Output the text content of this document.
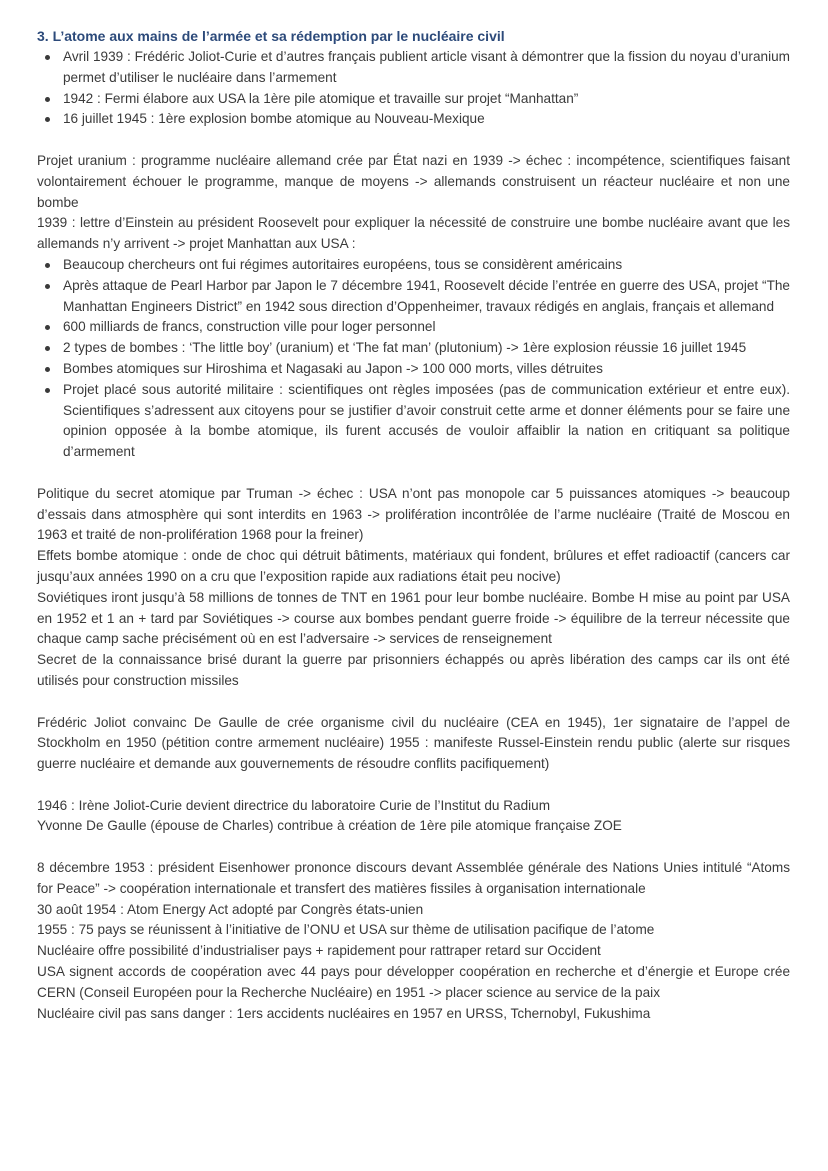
3. L’atome aux mains de l’armée et sa rédemption par le nucléaire civil
Avril 1939 : Frédéric Joliot-Curie et d’autres français publient article visant à démontrer que la fission du noyau d’uranium permet d’utiliser le nucléaire dans l’armement
1942 : Fermi élabore aux USA la 1ère pile atomique et travaille sur projet “Manhattan”
16 juillet 1945 : 1ère explosion bombe atomique au Nouveau-Mexique

Projet uranium : programme nucléaire allemand crée par État nazi en 1939 -> échec : incompétence, scientifiques faisant volontairement échouer le programme, manque de moyens -> allemands construisent un réacteur nucléaire et non une bombe

1939 : lettre d’Einstein au président Roosevelt pour expliquer la nécessité de construire une bombe nucléaire avant que les allemands n’y arrivent -> projet Manhattan aux USA :

Beaucoup chercheurs ont fui régimes autoritaires européens, tous se considèrent américains
Après attaque de Pearl Harbor par Japon le 7 décembre 1941, Roosevelt décide l’entrée en guerre des USA, projet “The Manhattan Engineers District” en 1942 sous direction d’Oppenheimer, travaux rédigés en anglais, français et allemand
600 milliards de francs, construction ville pour loger personnel
2 types de bombes : ‘The little boy’ (uranium) et ‘The fat man’ (plutonium) -> 1ère explosion réussie 16 juillet 1945
Bombes atomiques sur Hiroshima et Nagasaki au Japon -> 100 000 morts, villes détruites
Projet placé sous autorité militaire : scientifiques ont règles imposées (pas de communication extérieur et entre eux). Scientifiques s’adressent aux citoyens pour se justifier d’avoir construit cette arme et donner éléments pour se faire une opinion opposée à la bombe atomique, ils furent accusés de vouloir affaiblir la nation en critiquant sa politique d’armement

Politique du secret atomique par Truman -> échec : USA n’ont pas monopole car 5 puissances atomiques -> beaucoup d’essais dans atmosphère qui sont interdits en 1963 -> prolifération incontrôlée de l’arme nucléaire (Traité de Moscou en 1963 et traité de non-prolifération 1968 pour la freiner)

Effets bombe atomique : onde de choc qui détruit bâtiments, matériaux qui fondent, brûlures et effet radioactif (cancers car jusqu’aux années 1990 on a cru que l’exposition rapide aux radiations était peu nocive)

Soviétiques iront jusqu’à 58 millions de tonnes de TNT en 1961 pour leur bombe nucléaire. Bombe H mise au point par USA en 1952 et 1 an + tard par Soviétiques -> course aux bombes pendant guerre froide -> équilibre de la terreur nécessite que chaque camp sache précisément où en est l’adversaire -> services de renseignement

Secret de la connaissance brisé durant la guerre par prisonniers échappés ou après libération des camps car ils ont été utilisés pour construction missiles

Frédéric Joliot convainc De Gaulle de crée organisme civil du nucléaire (CEA en 1945), 1er signataire de l’appel de Stockholm en 1950 (pétition contre armement nucléaire) 1955 : manifeste Russel-Einstein rendu public (alerte sur risques guerre nucléaire et demande aux gouvernements de résoudre conflits pacifiquement)

1946 : Irène Joliot-Curie devient directrice du laboratoire Curie de l’Institut du Radium

Yvonne De Gaulle (épouse de Charles) contribue à création de 1ère pile atomique française ZOE

8 décembre 1953 : président Eisenhower prononce discours devant Assemblée générale des Nations Unies intitulé “Atoms for Peace” -> coopération internationale et transfert des matières fissiles à organisation internationale

30 août 1954 : Atom Energy Act adopté par Congrès états-unien

1955 : 75 pays se réunissent à l’initiative de l’ONU et USA sur thème de utilisation pacifique de l’atome

Nucléaire offre possibilité d’industrialiser pays + rapidement pour rattraper retard sur Occident

USA signent accords de coopération avec 44 pays pour développer coopération en recherche et d’énergie et Europe crée CERN (Conseil Européen pour la Recherche Nucléaire) en 1951 -> placer science au service de la paix

Nucléaire civil pas sans danger : 1ers accidents nucléaires en 1957 en URSS, Tchernobyl, Fukushima
